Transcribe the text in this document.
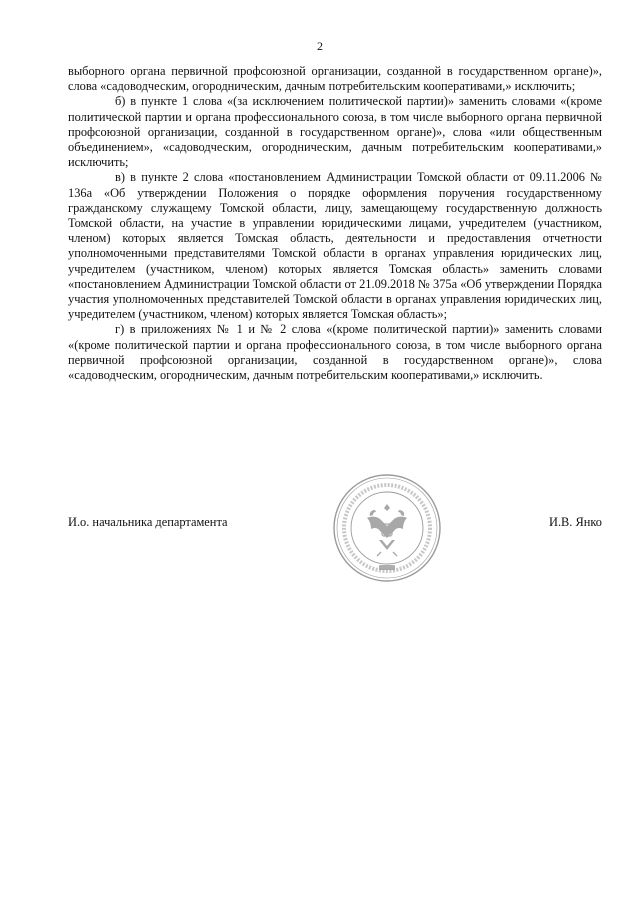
2

выборного органа первичной профсоюзной организации, созданной в государственном органе)», слова «садоводческим, огородническим, дачным потребительским кооперативами,» исключить;

б) в пункте 1 слова «(за исключением политической партии)» заменить словами «(кроме политической партии и органа профессионального союза, в том числе выборного органа первичной профсоюзной организации, созданной в государственном органе)», слова «или общественным объединением», «садоводческим, огородническим, дачным потребительским кооперативами,» исключить;

в) в пункте 2 слова «постановлением Администрации Томской области от 09.11.2006 № 136а «Об утверждении Положения о порядке оформления поручения государственному гражданскому служащему Томской области, лицу, замещающему государственную должность Томской области, на участие в управлении юридическими лицами, учредителем (участником, членом) которых является Томская область, деятельности и предоставления отчетности уполномоченными представителями Томской области в органах управления юридических лиц, учредителем (участником, членом) которых является Томская область» заменить словами «постановлением Администрации Томской области от 21.09.2018 № 375а «Об утверждении Порядка участия уполномоченных представителей Томской области в органах управления юридических лиц, учредителем (участником, членом) которых является Томская область»;

г) в приложениях № 1 и № 2 слова «(кроме политической партии)» заменить словами «(кроме политической партии и органа профессионального союза, в том числе выборного органа первичной профсоюзной организации, созданной в государственном органе)», слова «садоводческим, огородническим, дачным потребительским кооперативами,» исключить.

И.о. начальника департамента	И.В. Янко
